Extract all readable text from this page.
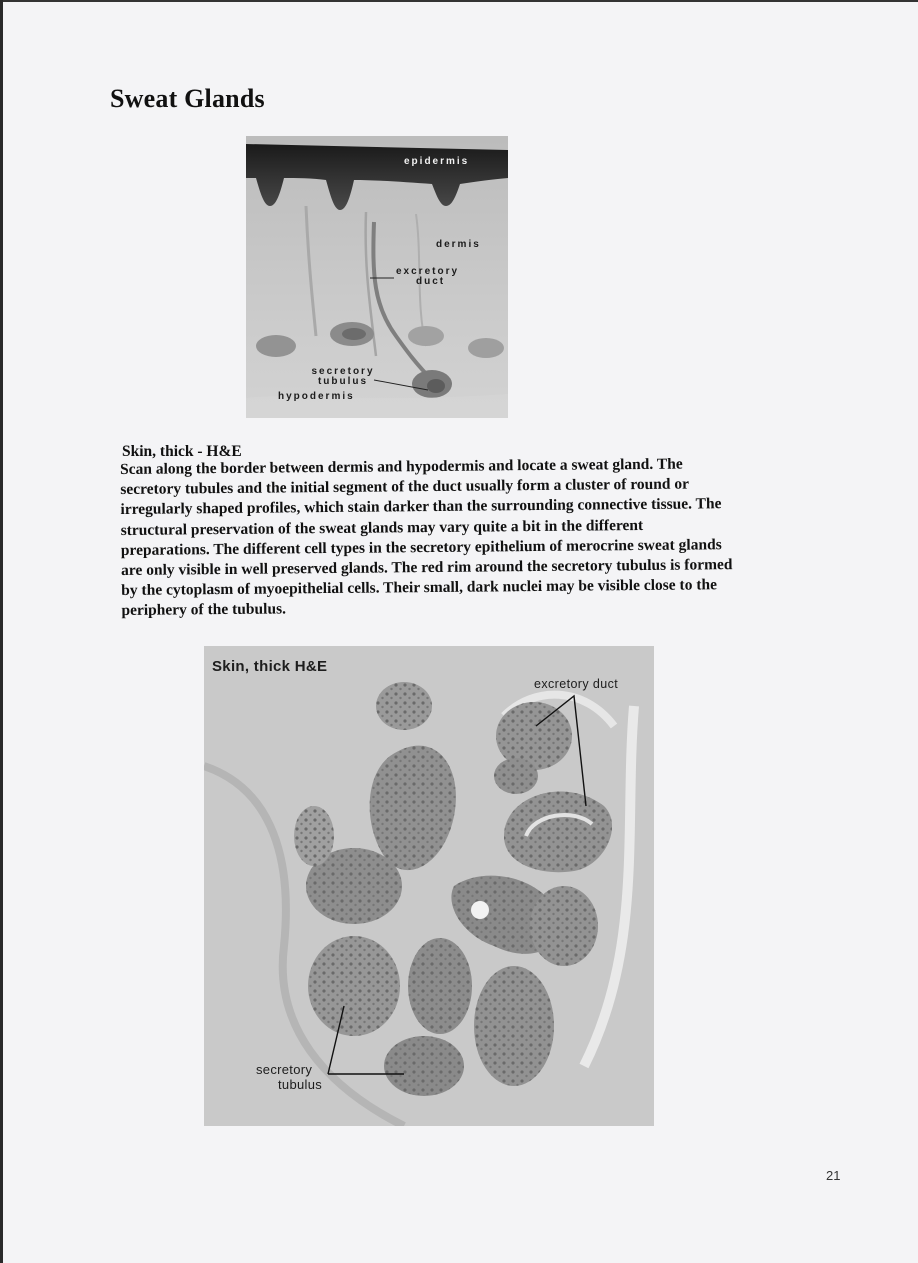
Sweat Glands
epidermis
dermis
excretory
duct
secretory
tubulus
hypodermis
Skin, thick - H&E
Scan along the border between dermis and hypodermis and locate a sweat gland. The
secretory tubules and the initial segment of the duct usually form a cluster of round or
irregularly shaped profiles, which stain darker than the surrounding connective tissue. The
structural preservation of the sweat glands may vary quite a bit in the different
preparations. The different cell types in the secretory epithelium of merocrine sweat glands
are only visible in well preserved glands. The red rim around the secretory tubulus is formed
by the cytoplasm of myoepithelial cells. Their small, dark nuclei may be visible close to the
periphery of the tubulus.
Skin, thick H&E
excretory duct
secretory
tubulus
21
